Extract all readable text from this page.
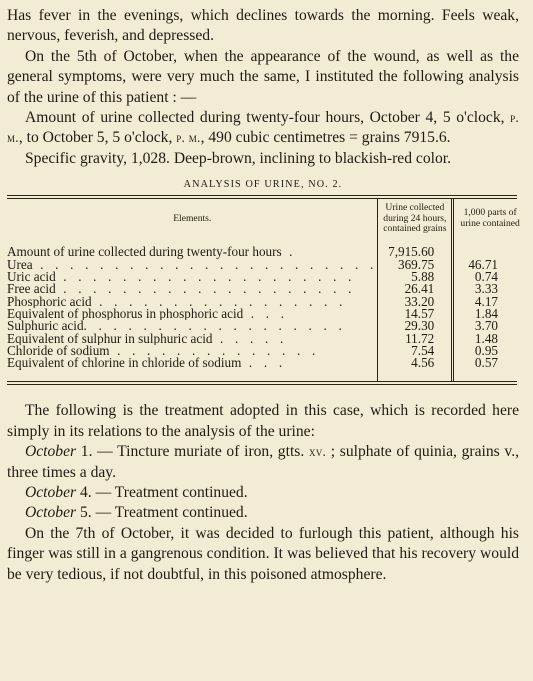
Has fever in the evenings, which declines towards the morning. Feels weak, nervous, feverish, and depressed.

On the 5th of October, when the appearance of the wound, as well as the general symptoms, were very much the same, I instituted the following analysis of the urine of this patient : —

Amount of urine collected during twenty-four hours, October 4, 5 o'clock, p. m., to October 5, 5 o'clock, p. m., 490 cubic centimetres = grains 7915.6.

Specific gravity, 1,028. Deep-brown, inclining to blackish-red color.

ANALYSIS OF URINE, NO. 2.
Elements.	Urine collected during 24 hours, contained grains	1,000 parts of urine contained
Amount of urine collected during twenty-four hours .	7,915.60	
Urea . . . . . . . . . . . . . . . . . . . . . . .	369.75	46.71
Uric acid . . . . . . . . . . . . . . . . . . . .	5.88	0.74
Free acid . . . . . . . . . . . . . . . . . . . .	26.41	3.33
Phosphoric acid . . . . . . . . . . . . . . . . .	33.20	4.17
Equivalent of phosphorus in phosphoric acid . . .	14.57	1.84
Sulphuric acid. . . . . . . . . . . . . . . . . .	29.30	3.70
Equivalent of sulphur in sulphuric acid . . . . .	11.72	1.48
Chloride of sodium . . . . . . . . . . . . . .	7.54	0.95
Equivalent of chlorine in chloride of sodium . . .	4.56	0.57

The following is the treatment adopted in this case, which is recorded here simply in its relations to the analysis of the urine:

October 1. — Tincture muriate of iron, gtts. xv. ; sulphate of quinia, grains v., three times a day.

October 4. — Treatment continued.

October 5. — Treatment continued.

On the 7th of October, it was decided to furlough this patient, although his finger was still in a gangrenous condition. It was believed that his recovery would be very tedious, if not doubtful, in this poisoned atmosphere.
